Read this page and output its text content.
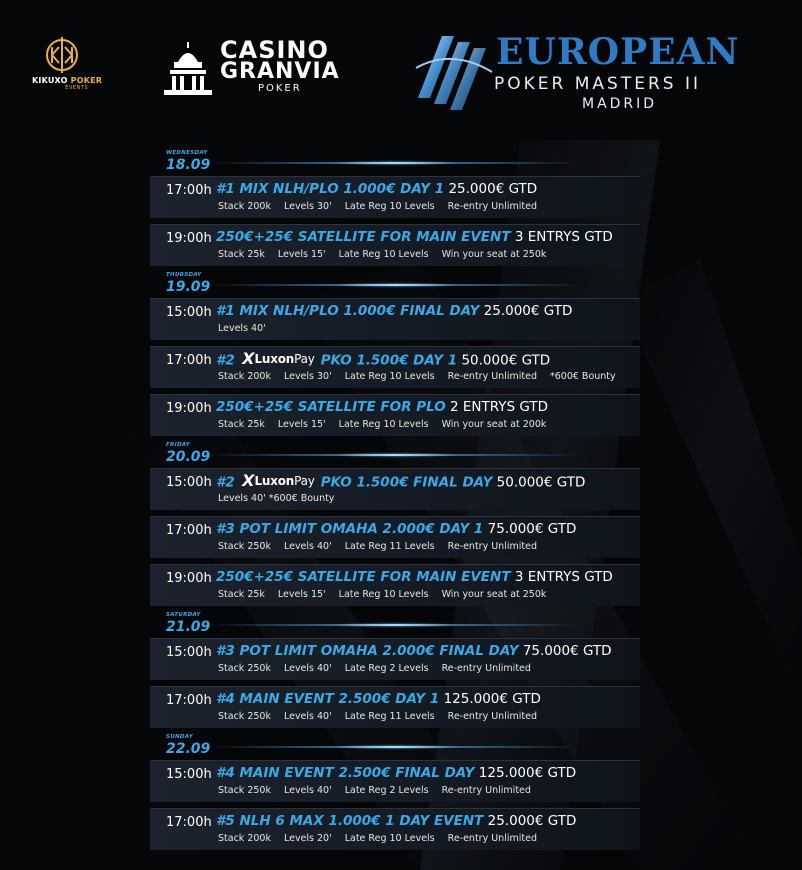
KIKUXO POKER
EVENTS
CASINO
GRANVIA
POKER
EUROPEAN
POKER MASTERS II
MADRID
WEDNESDAY
18.09
17:00h #1 MIX NLH/PLO 1.000€ DAY 1 25.000€ GTD
Stack 200k Levels 30' Late Reg 10 Levels Re-entry Unlimited
19:00h 250€+25€ SATELLITE FOR MAIN EVENT 3 ENTRYS GTD
Stack 25k Levels 15' Late Reg 10 Levels Win your seat at 250k
THURSDAY
19.09
15:00h #1 MIX NLH/PLO 1.000€ FINAL DAY 25.000€ GTD
Levels 40'
17:00h #2 XLuxonPay PKO 1.500€ DAY 1 50.000€ GTD
Stack 200k Levels 30' Late Reg 10 Levels Re-entry Unlimited *600€ Bounty
19:00h 250€+25€ SATELLITE FOR PLO 2 ENTRYS GTD
Stack 25k Levels 15' Late Reg 10 Levels Win your seat at 200k
FRIDAY
20.09
15:00h #2 XLuxonPay PKO 1.500€ FINAL DAY 50.000€ GTD
Levels 40' *600€ Bounty
17:00h #3 POT LIMIT OMAHA 2.000€ DAY 1 75.000€ GTD
Stack 250k Levels 40' Late Reg 11 Levels Re-entry Unlimited
19:00h 250€+25€ SATELLITE FOR MAIN EVENT 3 ENTRYS GTD
Stack 25k Levels 15' Late Reg 10 Levels Win your seat at 250k
SATURDAY
21.09
15:00h #3 POT LIMIT OMAHA 2.000€ FINAL DAY 75.000€ GTD
Stack 250k Levels 40' Late Reg 2 Levels Re-entry Unlimited
17:00h #4 MAIN EVENT 2.500€ DAY 1 125.000€ GTD
Stack 250k Levels 40' Late Reg 11 Levels Re-entry Unlimited
SUNDAY
22.09
15:00h #4 MAIN EVENT 2.500€ FINAL DAY 125.000€ GTD
Stack 250k Levels 40' Late Reg 2 Levels Re-entry Unlimited
17:00h #5 NLH 6 MAX 1.000€ 1 DAY EVENT 25.000€ GTD
Stack 200k Levels 20' Late Reg 10 Levels Re-entry Unlimited
